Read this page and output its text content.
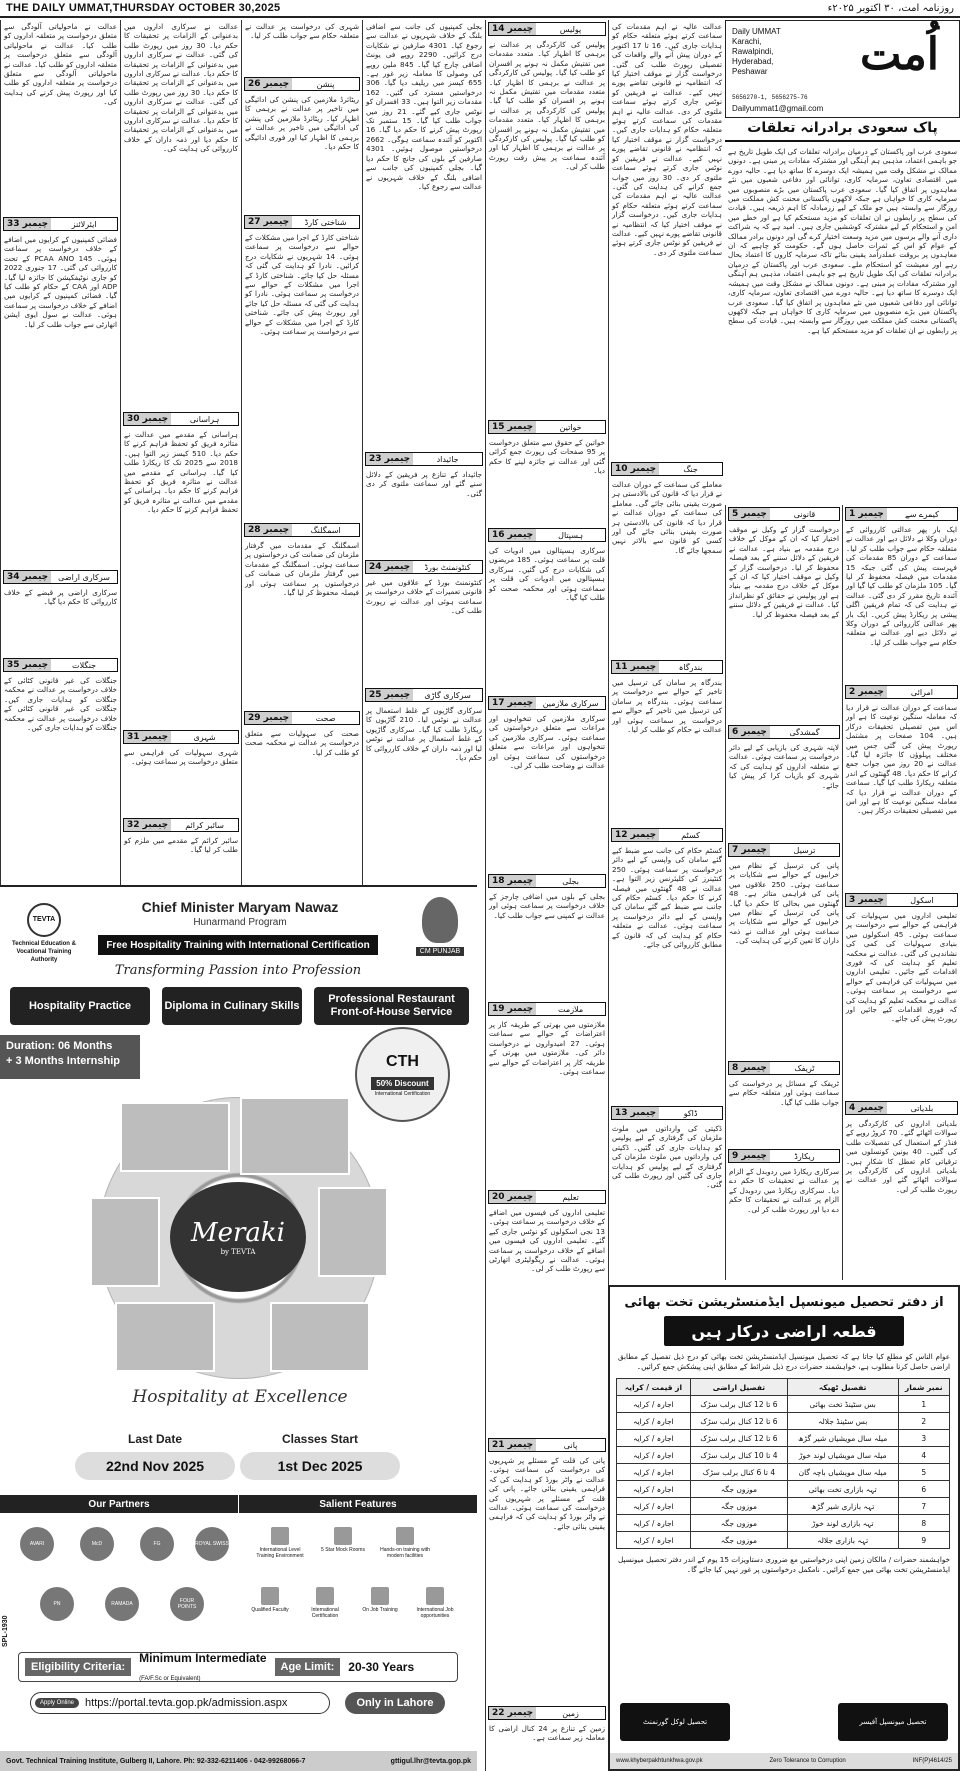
THE DAILY UMMAT,THURSDAY OCTOBER 30,2025	روزنامہ امت، ۳۰ اکتوبر ۲۰۲۵ء
اُمت
Daily UMMAT
Karachi, Rawalpindi, Hyderabad, Peshawar
5656270-1, 5656275-76
Dailyummat1@gmail.com
پاک سعودی برادرانہ تعلقات
سعودی عرب اور پاکستان کے درمیان برادرانہ تعلقات کی ایک طویل تاریخ ہے جو باہمی اعتماد، مذہبی ہم آہنگی اور مشترکہ مفادات پر مبنی ہے۔ دونوں ممالک نے مشکل وقت میں ہمیشہ ایک دوسرے کا ساتھ دیا ہے۔ حالیہ دورے میں اقتصادی تعاون، سرمایہ کاری، توانائی اور دفاعی شعبوں میں نئے معاہدوں پر اتفاق کیا گیا۔ سعودی عرب پاکستان میں بڑے منصوبوں میں سرمایہ کاری کا خواہاں ہے جبکہ لاکھوں پاکستانی محنت کش مملکت میں روزگار سے وابستہ ہیں جو ملک کے لیے زرمبادلہ کا اہم ذریعہ ہیں۔ قیادت کی سطح پر رابطوں نے ان تعلقات کو مزید مستحکم کیا ہے اور خطے میں امن و استحکام کے لیے مشترکہ کوششیں جاری ہیں۔ امید ہے کہ یہ شراکت داری آنے والے برسوں میں مزید وسعت اختیار کرے گی اور دونوں برادر ممالک کے عوام کو اس کے ثمرات حاصل ہوں گے۔ حکومت کو چاہیے کہ ان معاہدوں پر بروقت عملدرآمد یقینی بنائے تاکہ سرمایہ کاروں کا اعتماد بحال رہے اور معیشت کو استحکام ملے۔ سعودی عرب اور پاکستان کے درمیان برادرانہ تعلقات کی ایک طویل تاریخ ہے جو باہمی اعتماد، مذہبی ہم آہنگی اور مشترکہ مفادات پر مبنی ہے۔ دونوں ممالک نے مشکل وقت میں ہمیشہ ایک دوسرے کا ساتھ دیا ہے۔ حالیہ دورے میں اقتصادی تعاون، سرمایہ کاری، توانائی اور دفاعی شعبوں میں نئے معاہدوں پر اتفاق کیا گیا۔ سعودی عرب پاکستان میں بڑے منصوبوں میں سرمایہ کاری کا خواہاں ہے جبکہ لاکھوں پاکستانی محنت کش مملکت میں روزگار سے وابستہ ہیں۔ قیادت کی سطح پر رابطوں نے ان تعلقات کو مزید مستحکم کیا ہے۔
چیمبر 1	کیمرے سے
ایک بار پھر عدالتی کارروائی کے دوران وکلا نے دلائل دیے اور عدالت نے متعلقہ حکام سے جواب طلب کر لیا۔ سماعت کے دوران 85 مقدمات کی فہرست پیش کی گئی جبکہ 15 مقدمات میں فیصلہ محفوظ کر لیا گیا۔ 105 ملزمان کو طلب کیا گیا اور آئندہ تاریخ مقرر کر دی گئی۔ عدالت نے ہدایت کی کہ تمام فریقین اگلی پیشی پر ریکارڈ پیش کریں۔ ایک بار پھر عدالتی کارروائی کے دوران وکلا نے دلائل دیے اور عدالت نے متعلقہ حکام سے جواب طلب کر لیا۔
چیمبر 2	امرائی
سماعت کے دوران عدالت نے قرار دیا کہ معاملہ سنگین نوعیت کا ہے اور اس میں تفصیلی تحقیقات درکار ہیں۔ 104 صفحات پر مشتمل رپورٹ پیش کی گئی جس میں مختلف پہلوؤں کا جائزہ لیا گیا۔ عدالت نے 20 روز میں جواب جمع کرانے کا حکم دیا۔ 48 گھنٹوں کے اندر متعلقہ ریکارڈ طلب کیا گیا۔ سماعت کے دوران عدالت نے قرار دیا کہ معاملہ سنگین نوعیت کا ہے اور اس میں تفصیلی تحقیقات درکار ہیں۔
چیمبر 3	اسکول
تعلیمی اداروں میں سہولیات کی فراہمی کے حوالے سے درخواست پر سماعت ہوئی۔ 45 اسکولوں میں بنیادی سہولیات کی کمی کی نشاندہی کی گئی۔ عدالت نے محکمہ تعلیم کو ہدایت کی کہ فوری اقدامات کیے جائیں۔ تعلیمی اداروں میں سہولیات کی فراہمی کے حوالے سے درخواست پر سماعت ہوئی۔ عدالت نے محکمہ تعلیم کو ہدایت کی کہ فوری اقدامات کیے جائیں اور رپورٹ پیش کی جائے۔
چیمبر 4	بلدیاتی
بلدیاتی اداروں کی کارکردگی پر سوالات اٹھائے گئے۔ 70 کروڑ روپے کے فنڈز کے استعمال کی تفصیلات طلب کی گئیں۔ 40 یونین کونسلوں میں ترقیاتی کام تعطل کا شکار ہیں۔ بلدیاتی اداروں کی کارکردگی پر سوالات اٹھائے گئے اور عدالت نے رپورٹ طلب کر لی۔
چیمبر 5	قانونی
درخواست گزار کے وکیل نے موقف اختیار کیا کہ ان کے موکل کے خلاف درج مقدمہ بے بنیاد ہے۔ عدالت نے فریقین کے دلائل سننے کے بعد فیصلہ محفوظ کر لیا۔ درخواست گزار کے وکیل نے موقف اختیار کیا کہ ان کے موکل کے خلاف درج مقدمہ بے بنیاد ہے اور پولیس نے حقائق کو نظرانداز کیا۔ عدالت نے فریقین کے دلائل سننے کے بعد فیصلہ محفوظ کر لیا۔
چیمبر 6	گمشدگی
لاپتہ شہری کی بازیابی کے لیے دائر درخواست پر سماعت ہوئی۔ عدالت نے متعلقہ اداروں کو ہدایت کی کہ شہری کو بازیاب کرا کر پیش کیا جائے۔
چیمبر 7	ترسیل
پانی کی ترسیل کے نظام میں خرابیوں کے حوالے سے شکایات پر سماعت ہوئی۔ 250 علاقوں میں پانی کی فراہمی متاثر ہے۔ 48 گھنٹوں میں بحالی کا حکم دیا گیا۔ پانی کی ترسیل کے نظام میں خرابیوں کے حوالے سے شکایات پر سماعت ہوئی اور عدالت نے ذمہ داران کا تعین کرنے کی ہدایت کی۔
چیمبر 8	ٹریفک
ٹریفک کے مسائل پر درخواست کی سماعت ہوئی اور متعلقہ حکام سے جواب طلب کیا گیا۔
چیمبر 9	ریکارڈ
سرکاری ریکارڈ میں ردوبدل کے الزام پر عدالت نے تحقیقات کا حکم دے دیا۔ سرکاری ریکارڈ میں ردوبدل کے الزام پر عدالت نے تحقیقات کا حکم دے دیا اور رپورٹ طلب کر لی۔
عدالت عالیہ نے اہم مقدمات کی سماعت کرتے ہوئے متعلقہ حکام کو ہدایات جاری کیں۔ 16 تا 17 اکتوبر کے دوران پیش آنے والے واقعات کی تفصیلی رپورٹ طلب کی گئی۔ درخواست گزار نے موقف اختیار کیا کہ انتظامیہ نے قانونی تقاضے پورے نہیں کیے۔ عدالت نے فریقین کو نوٹس جاری کرتے ہوئے سماعت ملتوی کر دی۔ عدالت عالیہ نے اہم مقدمات کی سماعت کرتے ہوئے متعلقہ حکام کو ہدایات جاری کیں۔ درخواست گزار نے موقف اختیار کیا کہ انتظامیہ نے قانونی تقاضے پورے نہیں کیے۔ عدالت نے فریقین کو نوٹس جاری کرتے ہوئے سماعت ملتوی کر دی۔ 30 روز میں جواب جمع کرانے کی ہدایت کی گئی۔ عدالت عالیہ نے اہم مقدمات کی سماعت کرتے ہوئے متعلقہ حکام کو ہدایات جاری کیں۔ درخواست گزار نے موقف اختیار کیا کہ انتظامیہ نے قانونی تقاضے پورے نہیں کیے۔ عدالت نے فریقین کو نوٹس جاری کرتے ہوئے سماعت ملتوی کر دی۔
چیمبر 10	جنگ
معاملے کی سماعت کے دوران عدالت نے قرار دیا کہ قانون کی بالادستی ہر صورت یقینی بنائی جائے گی۔ معاملے کی سماعت کے دوران عدالت نے قرار دیا کہ قانون کی بالادستی ہر صورت یقینی بنائی جائے گی اور کسی کو قانون سے بالاتر نہیں سمجھا جائے گا۔
چیمبر 11	بندرگاہ
بندرگاہ پر سامان کی ترسیل میں تاخیر کے حوالے سے درخواست پر سماعت ہوئی۔ بندرگاہ پر سامان کی ترسیل میں تاخیر کے حوالے سے درخواست پر سماعت ہوئی اور عدالت نے حکام کو طلب کر لیا۔
چیمبر 12	کسٹم
کسٹم حکام کی جانب سے ضبط کیے گئے سامان کی واپسی کے لیے دائر درخواست پر سماعت ہوئی۔ 250 کنٹینرز کی کلیئرنس زیر التوا ہے۔ عدالت نے 48 گھنٹوں میں فیصلہ کرنے کا حکم دیا۔ کسٹم حکام کی جانب سے ضبط کیے گئے سامان کی واپسی کے لیے دائر درخواست پر سماعت ہوئی۔ عدالت نے متعلقہ حکام کو ہدایت کی کہ قانون کے مطابق کارروائی کی جائے۔
چیمبر 13	ڈاکو
ڈکیتی کی وارداتوں میں ملوث ملزمان کی گرفتاری کے لیے پولیس کو ہدایات جاری کی گئیں۔ ڈکیتی کی وارداتوں میں ملوث ملزمان کی گرفتاری کے لیے پولیس کو ہدایات جاری کی گئیں اور رپورٹ طلب کی گئی۔
چیمبر 14	پولیس
پولیس کی کارکردگی پر عدالت نے برہمی کا اظہار کیا۔ متعدد مقدمات میں تفتیش مکمل نہ ہونے پر افسران کو طلب کیا گیا۔ پولیس کی کارکردگی پر عدالت نے برہمی کا اظہار کیا۔ متعدد مقدمات میں تفتیش مکمل نہ ہونے پر افسران کو طلب کیا گیا۔ پولیس کی کارکردگی پر عدالت نے برہمی کا اظہار کیا۔ متعدد مقدمات میں تفتیش مکمل نہ ہونے پر افسران کو طلب کیا گیا۔ پولیس کی کارکردگی پر عدالت نے برہمی کا اظہار کیا اور آئندہ سماعت پر پیش رفت رپورٹ طلب کر لی۔
چیمبر 15	خواتین
خواتین کے حقوق سے متعلق درخواست پر 95 صفحات کی رپورٹ جمع کرائی گئی اور عدالت نے جائزہ لینے کا حکم دیا۔
چیمبر 16	ہسپتال
سرکاری ہسپتالوں میں ادویات کی قلت پر سماعت ہوئی۔ 185 مریضوں کی شکایات درج کی گئیں۔ سرکاری ہسپتالوں میں ادویات کی قلت پر سماعت ہوئی اور محکمہ صحت کو طلب کیا گیا۔
چیمبر 17	سرکاری ملازمین
سرکاری ملازمین کی تنخواہوں اور مراعات سے متعلق درخواستوں کی سماعت ہوئی۔ سرکاری ملازمین کی تنخواہوں اور مراعات سے متعلق درخواستوں کی سماعت ہوئی اور عدالت نے وضاحت طلب کر لی۔
چیمبر 18	بجلی
بجلی کے بلوں میں اضافی چارجز کے خلاف درخواست پر سماعت ہوئی اور عدالت نے کمپنی سے جواب طلب کیا۔
چیمبر 19	ملازمت
ملازمتوں میں بھرتی کے طریقہ کار پر اعتراضات کے حوالے سے سماعت ہوئی۔ 27 امیدواروں نے درخواست دائر کی۔ ملازمتوں میں بھرتی کے طریقہ کار پر اعتراضات کے حوالے سے سماعت ہوئی۔
چیمبر 20	تعلیم
تعلیمی اداروں کی فیسوں میں اضافے کے خلاف درخواست پر سماعت ہوئی۔ 13 نجی اسکولوں کو نوٹس جاری کیے گئے۔ تعلیمی اداروں کی فیسوں میں اضافے کے خلاف درخواست پر سماعت ہوئی۔ عدالت نے ریگولیٹری اتھارٹی سے رپورٹ طلب کر لی۔
چیمبر 21	پانی
پانی کی قلت کے مسئلے پر شہریوں کی درخواست کی سماعت ہوئی۔ عدالت نے واٹر بورڈ کو ہدایت کی کہ فراہمی یقینی بنائی جائے۔ پانی کی قلت کے مسئلے پر شہریوں کی درخواست کی سماعت ہوئی۔ عدالت نے واٹر بورڈ کو ہدایت کی کہ فراہمی یقینی بنائی جائے۔
چیمبر 22	زمین
زمین کے تنازع پر 24 کنال اراضی کا معاملہ زیر سماعت ہے۔
بجلی کمپنیوں کی جانب سے اضافی بلنگ کے خلاف شہریوں نے عدالت سے رجوع کیا۔ 4301 صارفین نے شکایات درج کرائیں۔ 2290 روپے فی یونٹ اضافی چارج کیا گیا۔ 845 ملین روپے کی وصولی کا معاملہ زیر غور ہے۔ 655 کیسز میں ریلیف دیا گیا۔ 306 درخواستیں مسترد کی گئیں۔ 162 مقدمات زیر التوا ہیں۔ 33 افسران کو نوٹس جاری کیے گئے۔ 21 روز میں جواب طلب کیا گیا۔ 15 ستمبر تک رپورٹ پیش کرنے کا حکم دیا گیا۔ 16 اکتوبر کو آئندہ سماعت ہوگی۔ 2662 درخواستیں موصول ہوئیں۔ 4301 صارفین کے بلوں کی جانچ کا حکم دیا گیا۔ بجلی کمپنیوں کی جانب سے اضافی بلنگ کے خلاف شہریوں نے عدالت سے رجوع کیا۔
چیمبر 23	جائیداد
جائیداد کے تنازع پر فریقین کے دلائل سنے گئے اور سماعت ملتوی کر دی گئی۔
چیمبر 24	کنٹونمنٹ بورڈ
کنٹونمنٹ بورڈ کے علاقوں میں غیر قانونی تعمیرات کے خلاف درخواست پر سماعت ہوئی اور عدالت نے رپورٹ طلب کی۔
چیمبر 25	سرکاری گاڑی
سرکاری گاڑیوں کے غلط استعمال پر عدالت نے نوٹس لیا۔ 210 گاڑیوں کا ریکارڈ طلب کیا گیا۔ سرکاری گاڑیوں کے غلط استعمال پر عدالت نے نوٹس لیا اور ذمہ داران کے خلاف کارروائی کا حکم دیا۔
شہری کی درخواست پر عدالت نے متعلقہ حکام سے جواب طلب کر لیا۔
چیمبر 26	پنشن
ریٹائرڈ ملازمین کی پنشن کی ادائیگی میں تاخیر پر عدالت نے برہمی کا اظہار کیا۔ ریٹائرڈ ملازمین کی پنشن کی ادائیگی میں تاخیر پر عدالت نے برہمی کا اظہار کیا اور فوری ادائیگی کا حکم دیا۔
چیمبر 27	شناختی کارڈ
شناختی کارڈ کے اجرا میں مشکلات کے حوالے سے درخواست پر سماعت ہوئی۔ 14 شہریوں نے شکایات درج کرائیں۔ نادرا کو ہدایت کی گئی کہ مسئلہ حل کیا جائے۔ شناختی کارڈ کے اجرا میں مشکلات کے حوالے سے درخواست پر سماعت ہوئی۔ نادرا کو ہدایت کی گئی کہ مسئلہ حل کیا جائے اور رپورٹ پیش کی جائے۔ شناختی کارڈ کے اجرا میں مشکلات کے حوالے سے درخواست پر سماعت ہوئی۔
چیمبر 28	اسمگلنگ
اسمگلنگ کے مقدمات میں گرفتار ملزمان کی ضمانت کی درخواستوں پر سماعت ہوئی۔ اسمگلنگ کے مقدمات میں گرفتار ملزمان کی ضمانت کی درخواستوں پر سماعت ہوئی اور فیصلہ محفوظ کر لیا گیا۔
چیمبر 29	صحت
صحت کی سہولیات سے متعلق درخواست پر عدالت نے محکمہ صحت کو طلب کر لیا۔
عدالت نے سرکاری اداروں میں بدعنوانی کے الزامات پر تحقیقات کا حکم دیا۔ 30 روز میں رپورٹ طلب کی گئی۔ عدالت نے سرکاری اداروں میں بدعنوانی کے الزامات پر تحقیقات کا حکم دیا۔ عدالت نے سرکاری اداروں میں بدعنوانی کے الزامات پر تحقیقات کا حکم دیا۔ 30 روز میں رپورٹ طلب کی گئی۔ عدالت نے سرکاری اداروں میں بدعنوانی کے الزامات پر تحقیقات کا حکم دیا۔ عدالت نے سرکاری اداروں میں بدعنوانی کے الزامات پر تحقیقات کا حکم دیا اور ذمہ داران کے خلاف کارروائی کی ہدایت کی۔
چیمبر 30	ہراسانی
ہراسانی کے مقدمے میں عدالت نے متاثرہ فریق کو تحفظ فراہم کرنے کا حکم دیا۔ 510 کیسز زیر التوا ہیں۔ 2018 سے 2025 تک کا ریکارڈ طلب کیا گیا۔ ہراسانی کے مقدمے میں عدالت نے متاثرہ فریق کو تحفظ فراہم کرنے کا حکم دیا۔ ہراسانی کے مقدمے میں عدالت نے متاثرہ فریق کو تحفظ فراہم کرنے کا حکم دیا۔
چیمبر 31	شہری
شہری سہولیات کی فراہمی سے متعلق درخواست پر سماعت ہوئی۔
چیمبر 32	سائبر کرائم
سائبر کرائم کے مقدمے میں ملزم کو طلب کر لیا گیا۔
عدالت نے ماحولیاتی آلودگی سے متعلق درخواست پر متعلقہ اداروں کو طلب کیا۔ عدالت نے ماحولیاتی آلودگی سے متعلق درخواست پر متعلقہ اداروں کو طلب کیا۔ عدالت نے ماحولیاتی آلودگی سے متعلق درخواست پر متعلقہ اداروں کو طلب کیا اور رپورٹ پیش کرنے کی ہدایت کی۔
چیمبر 33	ایئرلائنز
فضائی کمپنیوں کے کرایوں میں اضافے کے خلاف درخواست پر سماعت ہوئی۔ PCAA ANO 145 کے تحت کارروائی کی گئی۔ 17 جنوری 2022 کو جاری نوٹیفکیشن کا جائزہ لیا گیا۔ ADP اور CAA کے حکام کو طلب کیا گیا۔ فضائی کمپنیوں کے کرایوں میں اضافے کے خلاف درخواست پر سماعت ہوئی۔ عدالت نے سول ایوی ایشن اتھارٹی سے جواب طلب کر لیا۔
چیمبر 34	سرکاری اراضی
سرکاری اراضی پر قبضے کے خلاف کارروائی کا حکم دیا گیا۔
چیمبر 35	جنگلات
جنگلات کی غیر قانونی کٹائی کے خلاف درخواست پر عدالت نے محکمہ جنگلات کو ہدایات جاری کیں۔ جنگلات کی غیر قانونی کٹائی کے خلاف درخواست پر عدالت نے محکمہ جنگلات کو ہدایات جاری کیں۔
TEVTA
Technical Education & Vocational Training Authority
Chief Minister Maryam Nawaz
Hunarmand Program
Free Hospitality Training with International Certification
Transforming Passion into Profession
CM PUNJAB
Hospitality Practice	Diploma in Culinary Skills
Professional Restaurant Front-of-House Service
Duration: 06 Months
+ 3 Months Internship	CTH
50% Discount
International Certification
Meraki
by TEVTA
Hospitality at Excellence
Last Date	Classes Start
22nd Nov 2025	1st Dec 2025
Our Partners	Salient Features
AVARI	McD	FG	ROYAL SWISS
PN	RAMADA	FOUR POINTS
International Level Training Environment
5 Star Mock Rooms	Hands-on training with modern facilities
Qualified Faculty	International Certification
On Job Training	International Job opportunities
SPL-1930
Eligibility Criteria:
Minimum Intermediate
(FA/F.Sc or Equivalent)
Age Limit:	20-30 Years
Apply Online	https://portal.tevta.gop.pk/admission.aspx	Only in Lahore
Govt. Technical Training Institute, Gulberg II, Lahore. Ph: 92-332-6211406 - 042-99268066-7	gttigul.lhr@tevta.gop.pk
از دفتر تحصیل میونسپل ایڈمنسٹریشن تخت بھائی
قطعہ اراضی درکار ہیں
عوام الناس کو مطلع کیا جاتا ہے کہ تحصیل میونسپل ایڈمنسٹریشن تخت بھائی کو درج ذیل تفصیل کے مطابق اراضی حاصل کرنا مطلوب ہے، خواہشمند حضرات درج ذیل شرائط کے مطابق اپنی پیشکش جمع کرائیں۔
نمبر شمار	تفصیل ٹھیکہ	تفصیل اراضی	از قیمت / کرایہ
1	بس سٹینڈ تخت بھائی	6 تا 12 کنال برلب سڑک	اجارہ / کرایہ
2	بس سٹینڈ جلالہ	6 تا 12 کنال برلب سڑک	اجارہ / کرایہ
3	میلہ سال مویشیاں شیر گڑھ	6 تا 12 کنال برلب سڑک	اجارہ / کرایہ
4	میلہ سال مویشیاں لوند خوڑ	4 تا 10 کنال برلب سڑک	اجارہ / کرایہ
5	میلہ سال مویشیاں باچہ گان	4 تا 6 کنال برلب سڑک	اجارہ / کرایہ
6	تہہ بازاری تخت بھائی	موزوں جگہ	اجارہ / کرایہ
7	تہہ بازاری شیر گڑھ	موزوں جگہ	اجارہ / کرایہ
8	تہہ بازاری لوند خوڑ	موزوں جگہ	اجارہ / کرایہ
9	تہہ بازاری جلالہ	موزوں جگہ	اجارہ / کرایہ
خواہشمند حضرات / مالکان زمین اپنی درخواستیں مع ضروری دستاویزات 15 یوم کے اندر دفتر تحصیل میونسپل ایڈمنسٹریشن تخت بھائی میں جمع کرائیں۔ نامکمل درخواستوں پر غور نہیں کیا جائے گا۔
تحصیل میونسپل آفیسر
تحصیل لوکل گورنمنٹ
www.khyberpakhtunkhwa.gov.pk	Zero Tolerance to Corruption	INF(P)4614/25
